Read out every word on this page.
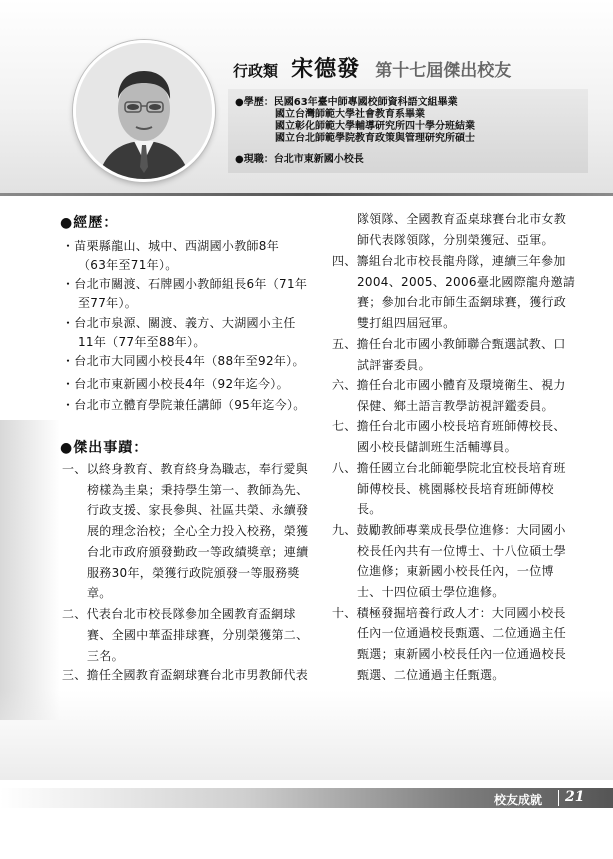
行政類 宋德發 第十七屆傑出校友
●學歷：民國63年臺中師專國校師資科語文組畢業
國立台灣師範大學社會教育系畢業
國立彰化師範大學輔導研究所四十學分班結業
國立台北師範學院教育政策與管理研究所碩士
●現職：台北市東新國小校長
●經歷：
・苗栗縣龍山、城中、西湖國小教師8年
（63年至71年）。
・台北市關渡、石牌國小教師組長6年（71年
至77年）。
・台北市泉源、關渡、義方、大湖國小主任
11年（77年至88年）。
・台北市大同國小校長4年（88年至92年）。
・台北市東新國小校長4年（92年迄今）。
・台北市立體育學院兼任講師（95年迄今）。
●傑出事蹟：
一、以終身教育、教育終身為職志，奉行愛與
榜樣為圭臬；秉持學生第一、教師為先、
行政支援、家長參與、社區共榮、永續發
展的理念治校；全心全力投入校務，榮獲
台北市政府頒發勤政一等政績獎章；連續
服務30年，榮獲行政院頒發一等服務獎
章。
二、代表台北市校長隊參加全國教育盃網球
賽、全國中華盃排球賽，分別榮獲第二、
三名。
三、擔任全國教育盃網球賽台北市男教師代表
隊領隊、全國教育盃桌球賽台北市女教
師代表隊領隊，分別榮獲冠、亞軍。
四、籌組台北市校長龍舟隊，連續三年參加
2004、2005、2006臺北國際龍舟邀請
賽；參加台北市師生盃網球賽，獲行政
雙打組四屆冠軍。
五、擔任台北市國小教師聯合甄選試教、口
試評審委員。
六、擔任台北市國小體育及環境衛生、視力
保健、鄉土語言教學訪視評鑑委員。
七、擔任台北市國小校長培育班師傅校長、
國小校長儲訓班生活輔導員。
八、擔任國立台北師範學院北宜校長培育班
師傅校長、桃園縣校長培育班師傅校
長。
九、鼓勵教師專業成長學位進修：大同國小
校長任內共有一位博士、十八位碩士學
位進修；東新國小校長任內，一位博
士、十四位碩士學位進修。
十、積極發掘培養行政人才：大同國小校長
任內一位通過校長甄選、二位通過主任
甄選；東新國小校長任內一位通過校長
甄選、二位通過主任甄選。
校友成就 21
